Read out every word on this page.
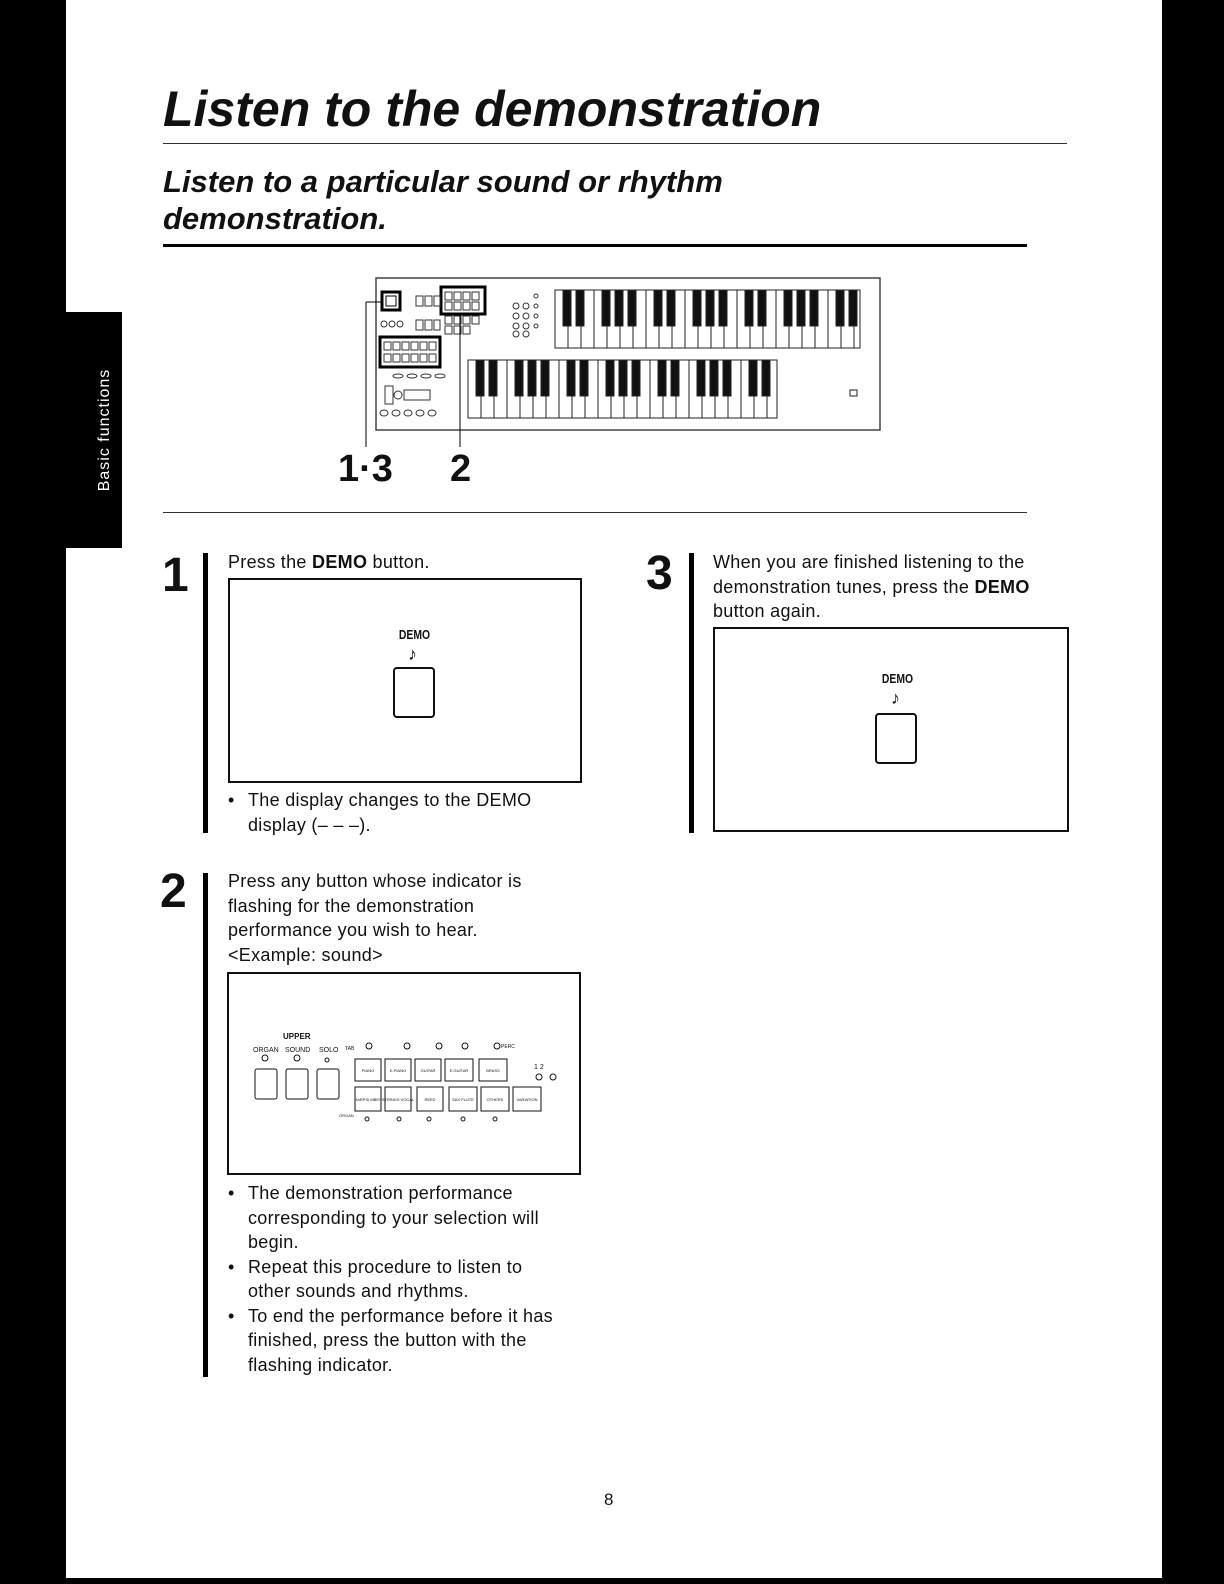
Basic functions
Listen to the demonstration
Listen to a particular sound or rhythm demonstration.
1·3 2
1 Press the DEMO button.
DEMO
♪
• The display changes to the DEMO display (– – –).
2 Press any button whose indicator is flashing for the demonstration performance you wish to hear.
<Example: sound>
UPPER
ORGAN SOUND SOLO TAB	PERC
ORGAN
1 2
PIANO	E.PIANO	GUITAR	E.GUITAR	BRASS
HARPSI MBES STRINGS VOCAL	REED	SAX FLUTE	OTHERS	VARIATION
• The demonstration performance corresponding to your selection will begin.
• Repeat this procedure to listen to other sounds and rhythms.
• To end the performance before it has finished, press the button with the flashing indicator.
3 When you are finished listening to the demonstration tunes, press the DEMO button again.
DEMO
♪
8
